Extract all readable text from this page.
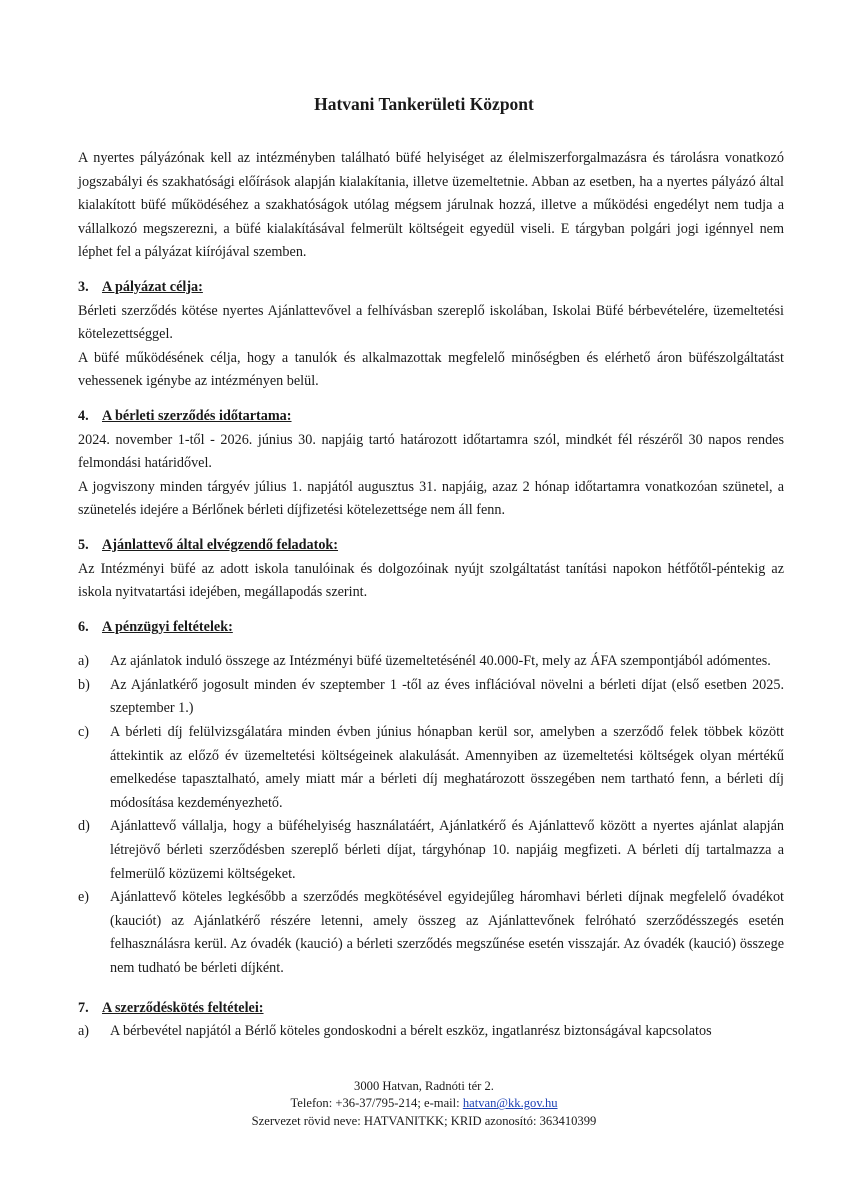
Hatvani Tankerületi Központ

A nyertes pályázónak kell az intézményben található büfé helyiséget az élelmiszerforgalmazásra és tárolásra vonatkozó jogszabályi és szakhatósági előírások alapján kialakítania, illetve üzemeltetnie. Abban az esetben, ha a nyertes pályázó által kialakított büfé működéséhez a szakhatóságok utólag mégsem járulnak hozzá, illetve a működési engedélyt nem tudja a vállalkozó megszerezni, a büfé kialakításával felmerült költségeit egyedül viseli. E tárgyban polgári jogi igénnyel nem léphet fel a pályázat kiírójával szemben.

3. A pályázat célja:

Bérleti szerződés kötése nyertes Ajánlattevővel a felhívásban szereplő iskolában, Iskolai Büfé bérbevételére, üzemeltetési kötelezettséggel.

A büfé működésének célja, hogy a tanulók és alkalmazottak megfelelő minőségben és elérhető áron büfészolgáltatást vehessenek igénybe az intézményen belül.

4. A bérleti szerződés időtartama:

2024. november 1-től - 2026. június 30. napjáig tartó határozott időtartamra szól, mindkét fél részéről 30 napos rendes felmondási határidővel.

A jogviszony minden tárgyév július 1. napjától augusztus 31. napjáig, azaz 2 hónap időtartamra vonatkozóan szünetel, a szünetelés idejére a Bérlőnek bérleti díjfizetési kötelezettsége nem áll fenn.

5. Ajánlattevő által elvégzendő feladatok:

Az Intézményi büfé az adott iskola tanulóinak és dolgozóinak nyújt szolgáltatást tanítási napokon hétfőtől-péntekig az iskola nyitvatartási idejében, megállapodás szerint.

6. A pénzügyi feltételek:
a) Az ajánlatok induló összege az Intézményi büfé üzemeltetésénél 40.000-Ft, mely az ÁFA szempontjából adómentes.
b) Az Ajánlatkérő jogosult minden év szeptember 1 -től az éves inflációval növelni a bérleti díjat (első esetben 2025. szeptember 1.)
c) A bérleti díj felülvizsgálatára minden évben június hónapban kerül sor, amelyben a szerződő felek többek között áttekintik az előző év üzemeltetési költségeinek alakulását. Amennyiben az üzemeltetési költségek olyan mértékű emelkedése tapasztalható, amely miatt már a bérleti díj meghatározott összegében nem tartható fenn, a bérleti díj módosítása kezdeményezhető.
d) Ajánlattevő vállalja, hogy a büféhelyiség használatáért, Ajánlatkérő és Ajánlattevő között a nyertes ajánlat alapján létrejövő bérleti szerződésben szereplő bérleti díjat, tárgyhónap 10. napjáig megfizeti. A bérleti díj tartalmazza a felmerülő közüzemi költségeket.
e) Ajánlattevő köteles legkésőbb a szerződés megkötésével egyidejűleg háromhavi bérleti díjnak megfelelő óvadékot (kauciót) az Ajánlatkérő részére letenni, amely összeg az Ajánlattevőnek felróható szerződésszegés esetén felhasználásra kerül. Az óvadék (kaució) a bérleti szerződés megszűnése esetén visszajár. Az óvadék (kaució) összege nem tudható be bérleti díjként.
7. A szerződéskötés feltételei:
a) A bérbevétel napjától a Bérlő köteles gondoskodni a bérelt eszköz, ingatlanrész biztonságával kapcsolatos
3000 Hatvan, Radnóti tér 2.
Telefon: +36-37/795-214; e-mail: hatvan@kk.gov.hu
Szervezet rövid neve: HATVANITKK; KRID azonosító: 363410399
